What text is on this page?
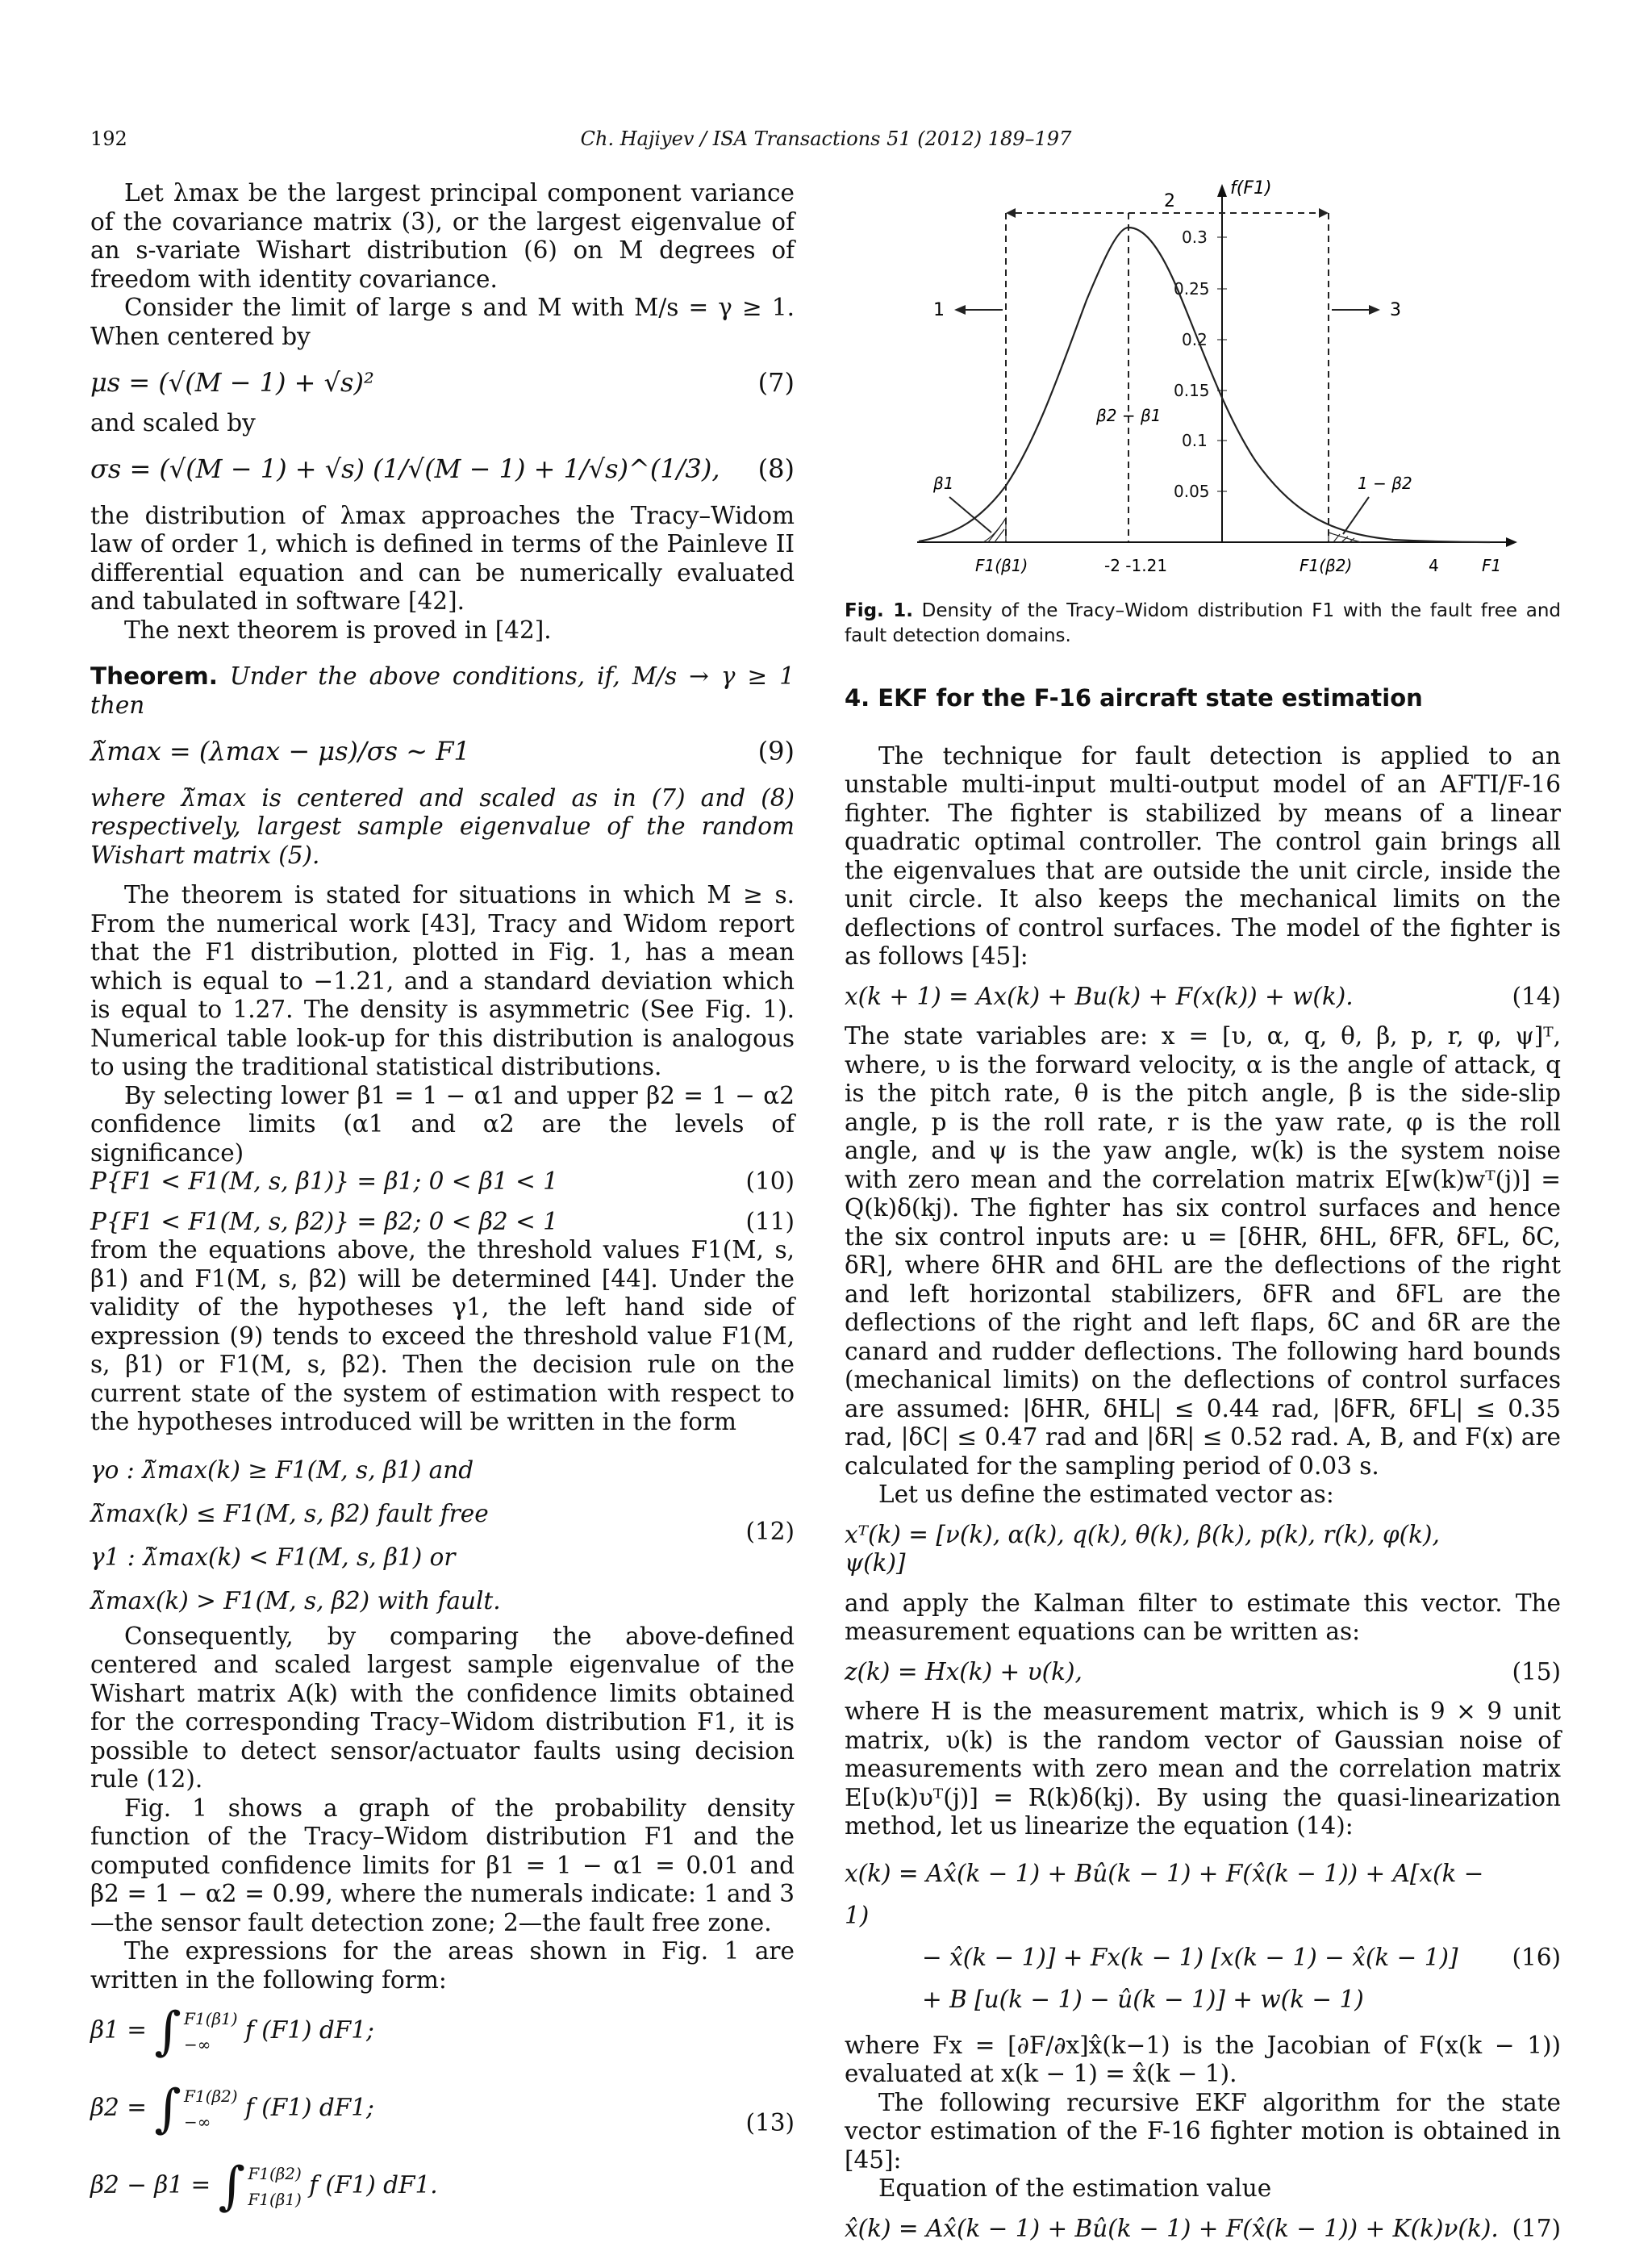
192	Ch. Hajiyev / ISA Transactions 51 (2012) 189–197

Let λmax be the largest principal component variance of the covariance matrix (3), or the largest eigenvalue of an s-variate Wishart distribution (6) on M degrees of freedom with identity covariance.

Consider the limit of large s and M with M/s = γ ≥ 1. When centered by

μs = (√(M − 1) + √s)²	(7)

and scaled by

σs = (√(M − 1) + √s) (1/√(M − 1) + 1/√s)^(1/3), (8)

the distribution of λmax approaches the Tracy–Widom law of order 1, which is defined in terms of the Painleve II differential equation and can be numerically evaluated and tabulated in software [42].

The next theorem is proved in [42].

Theorem. Under the above conditions, if, M/s → γ ≥ 1 then

λ̃max = (λmax − μs)/σs ∼ F1	(9)

where λ̃max is centered and scaled as in (7) and (8) respectively, largest sample eigenvalue of the random Wishart matrix (5).

The theorem is stated for situations in which M ≥ s. From the numerical work [43], Tracy and Widom report that the F1 distribution, plotted in Fig. 1, has a mean which is equal to −1.21, and a standard deviation which is equal to 1.27. The density is asymmetric (See Fig. 1). Numerical table look-up for this distribution is analogous to using the traditional statistical distributions.

By selecting lower β1 = 1 − α1 and upper β2 = 1 − α2 confidence limits (α1 and α2 are the levels of significance)

P{F1 < F1(M, s, β1)} = β1; 0 < β1 < 1	(10)
P{F1 < F1(M, s, β2)} = β2; 0 < β2 < 1	(11)

from the equations above, the threshold values F1(M, s, β1) and F1(M, s, β2) will be determined [44]. Under the validity of the hypotheses γ1, the left hand side of expression (9) tends to exceed the threshold value F1(M, s, β1) or F1(M, s, β2). Then the decision rule on the current state of the system of estimation with respect to the hypotheses introduced will be written in the form

(12)
γo : λ̃max(k) ≥ F1(M, s, β1) and
λ̃max(k) ≤ F1(M, s, β2) fault free
γ1 : λ̃max(k) < F1(M, s, β1) or
λ̃max(k) > F1(M, s, β2) with fault.

Consequently, by comparing the above-defined centered and scaled largest sample eigenvalue of the Wishart matrix A(k) with the confidence limits obtained for the corresponding Tracy–Widom distribution F1, it is possible to detect sensor/actuator faults using decision rule (12).

Fig. 1 shows a graph of the probability density function of the Tracy–Widom distribution F1 and the computed confidence limits for β1 = 1 − α1 = 0.01 and β2 = 1 − α2 = 0.99, where the numerals indicate: 1 and 3—the sensor fault detection zone; 2—the fault free zone.

The expressions for the areas shown in Fig. 1 are written in the following form:

(13)
β1 = ∫ F1(β1)
−∞
f (F1) dF1;
β2 = ∫ F1(β2)
−∞
f (F1) dF1;
β2 − β1 = ∫ F1(β2)
F1(β1)
f (F1) dF1.
0.3
0.25
0.2
0.15
0.1
0.05
f(F1)
2
1	3
β2 − β1
β1	1 − β2
F1(β1)	-2 -1.21	F1(β2)	4	F1

Fig. 1. Density of the Tracy–Widom distribution F1 with the fault free and fault detection domains.

4. EKF for the F-16 aircraft state estimation

The technique for fault detection is applied to an unstable multi-input multi-output model of an AFTI/F-16 fighter. The fighter is stabilized by means of a linear quadratic optimal controller. The control gain brings all the eigenvalues that are outside the unit circle, inside the unit circle. It also keeps the mechanical limits on the deflections of control surfaces. The model of the fighter is as follows [45]:

x(k + 1) = Ax(k) + Bu(k) + F(x(k)) + w(k).	(14)

The state variables are: x = [υ, α, q, θ, β, p, r, φ, ψ]ᵀ, where, υ is the forward velocity, α is the angle of attack, q is the pitch rate, θ is the pitch angle, β is the side-slip angle, p is the roll rate, r is the yaw rate, φ is the roll angle, and ψ is the yaw angle, w(k) is the system noise with zero mean and the correlation matrix E[w(k)wᵀ(j)] = Q(k)δ(kj). The fighter has six control surfaces and hence the six control inputs are: u = [δHR, δHL, δFR, δFL, δC, δR], where δHR and δHL are the deflections of the right and left horizontal stabilizers, δFR and δFL are the deflections of the right and left flaps, δC and δR are the canard and rudder deflections. The following hard bounds (mechanical limits) on the deflections of control surfaces are assumed: |δHR, δHL| ≤ 0.44 rad, |δFR, δFL| ≤ 0.35 rad, |δC| ≤ 0.47 rad and |δR| ≤ 0.52 rad. A, B, and F(x) are calculated for the sampling period of 0.03 s.

Let us define the estimated vector as:

xᵀ(k) = [ν(k), α(k), q(k), θ(k), β(k), p(k), r(k), φ(k), ψ(k)]

and apply the Kalman filter to estimate this vector. The measurement equations can be written as:

z(k) = Hx(k) + υ(k),	(15)

where H is the measurement matrix, which is 9 × 9 unit matrix, υ(k) is the random vector of Gaussian noise of measurements with zero mean and the correlation matrix E[υ(k)υᵀ(j)] = R(k)δ(kj). By using the quasi-linearization method, let us linearize the equation (14):

(16)
x(k) = Ax̂(k − 1) + Bû(k − 1) + F(x̂(k − 1)) + A[x(k − 1)
− x̂(k − 1)] + Fx(k − 1) [x(k − 1) − x̂(k − 1)]
+ B [u(k − 1) − û(k − 1)] + w(k − 1)

where Fx = [∂F/∂x]x̂(k−1) is the Jacobian of F(x(k − 1)) evaluated at x(k − 1) = x̂(k − 1).

The following recursive EKF algorithm for the state vector estimation of the F-16 fighter motion is obtained in [45]:

Equation of the estimation value

x̂(k) = Ax̂(k − 1) + Bû(k − 1) + F(x̂(k − 1)) + K(k)ν(k). (17)
